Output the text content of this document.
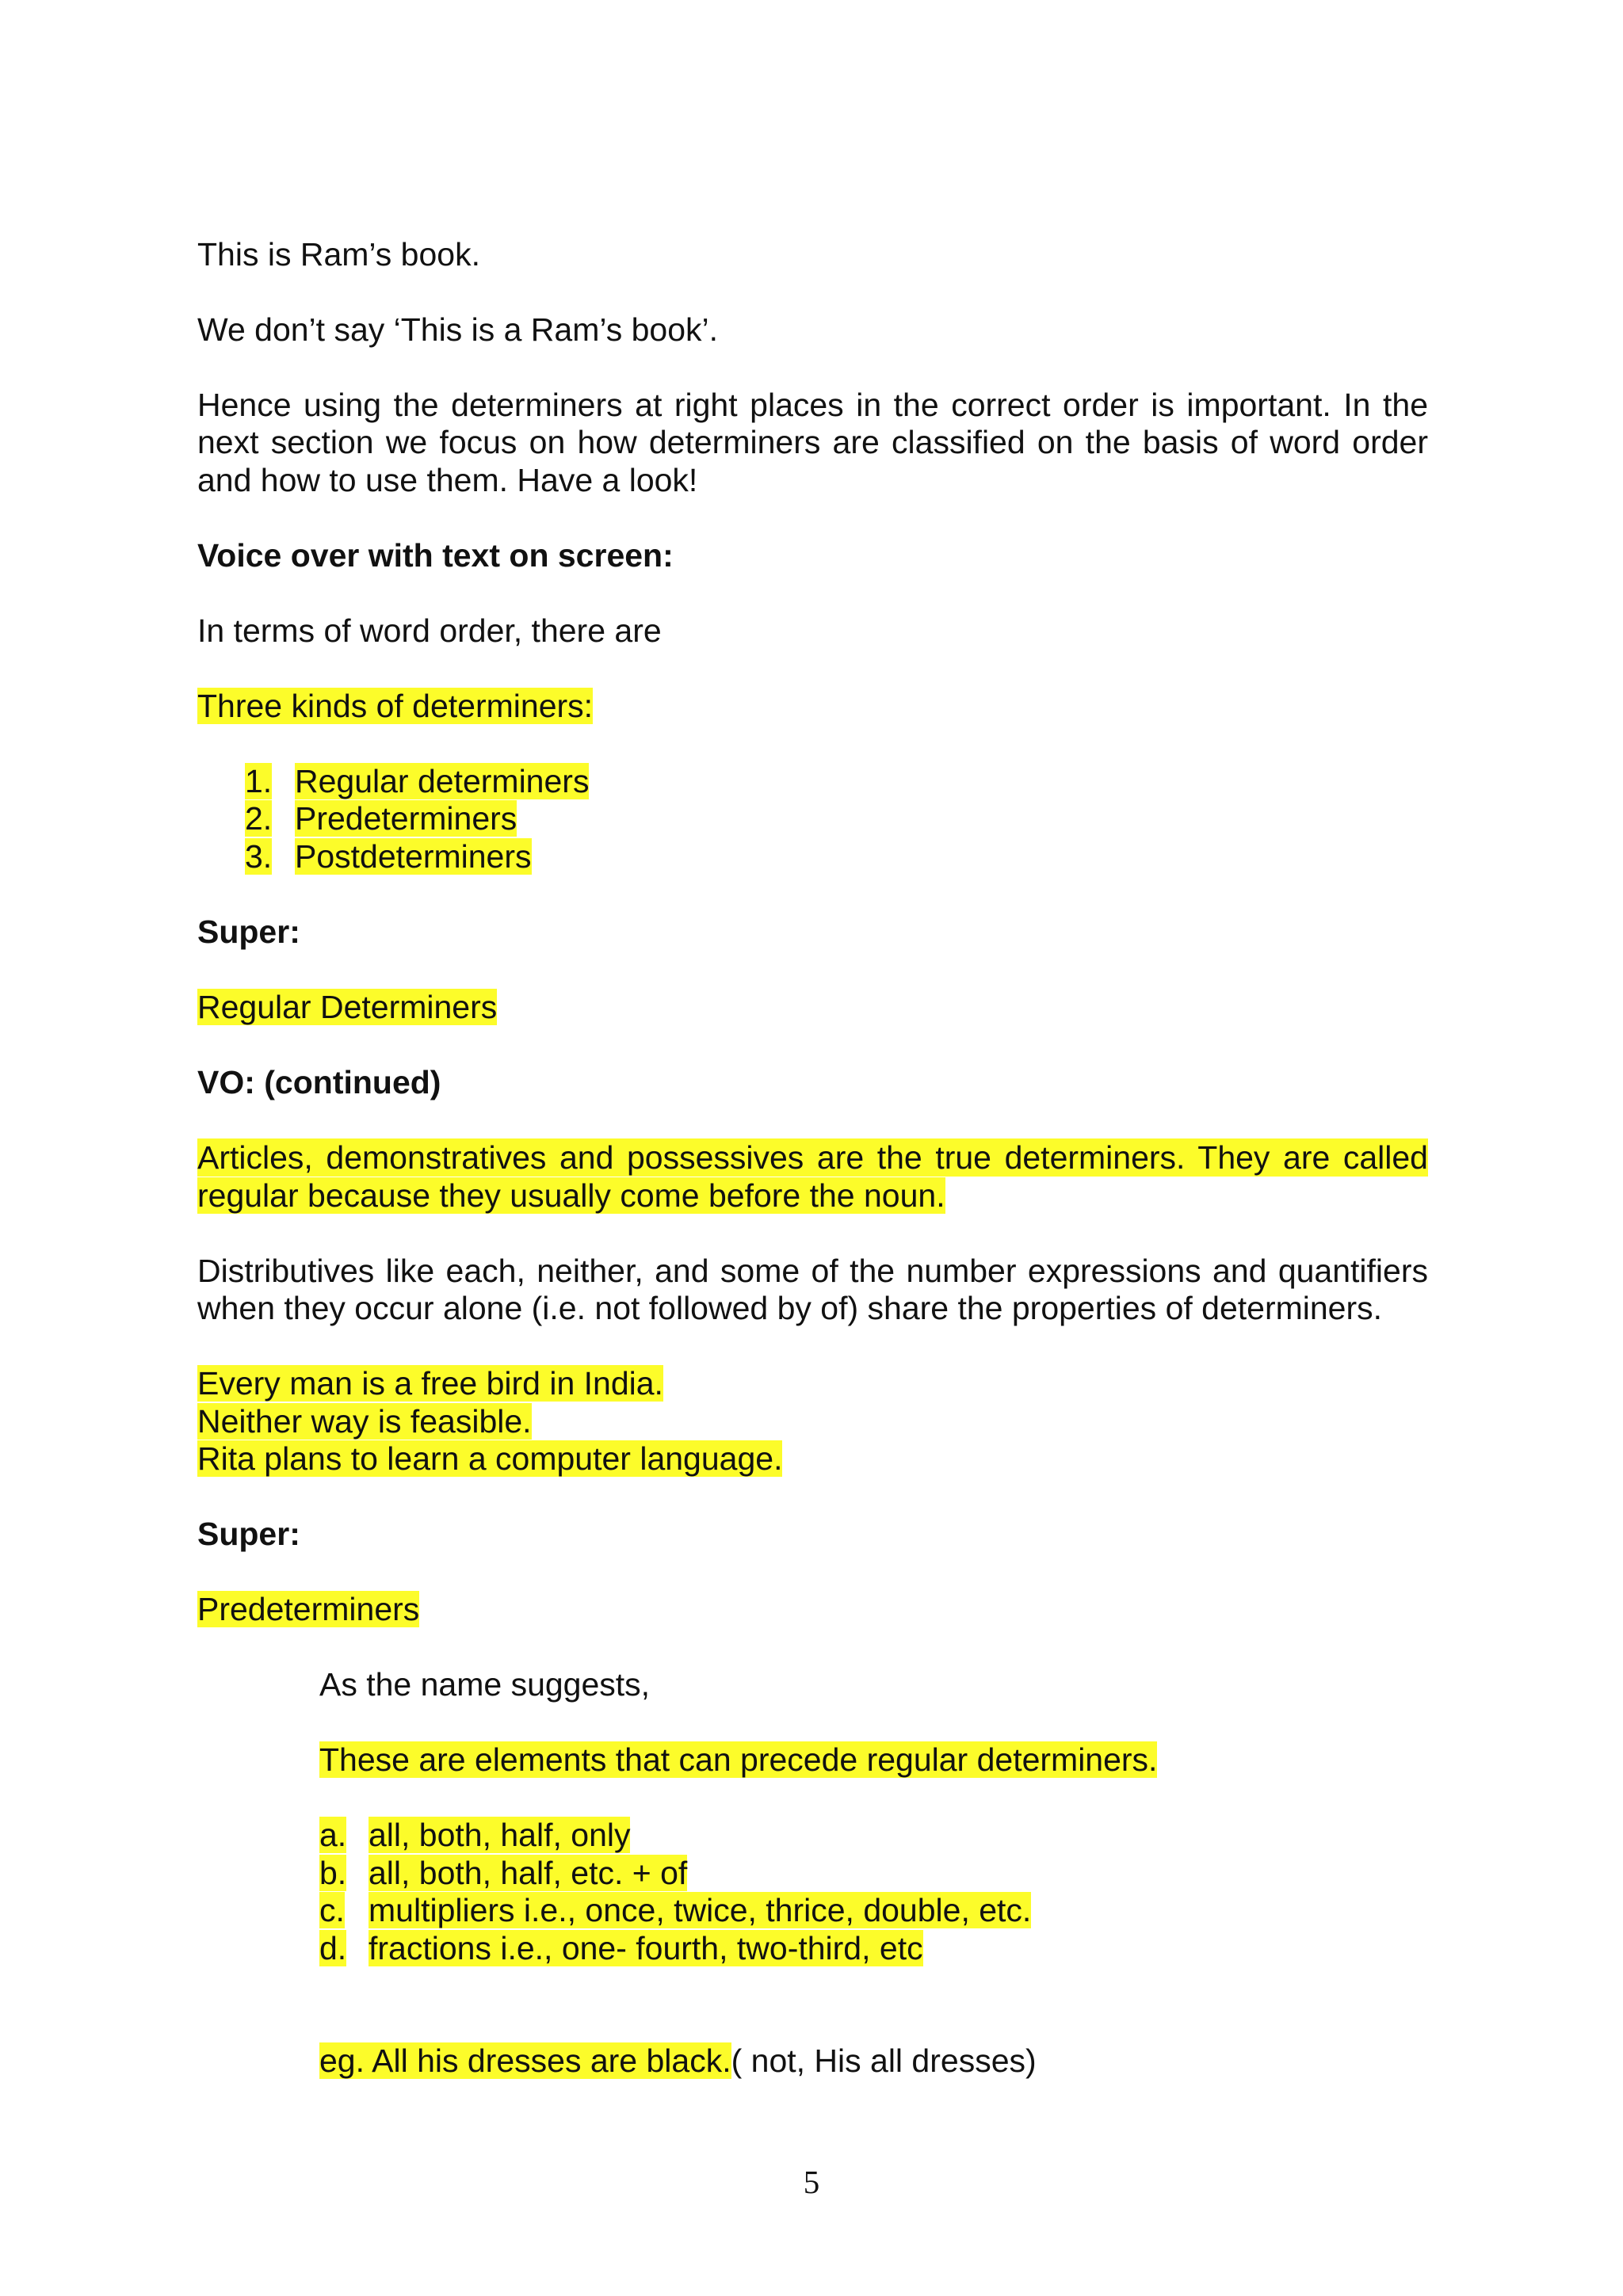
This is Ram’s book.
We don’t say ‘This is a Ram’s book’.
Hence using the determiners at right places in the correct order is important. In the
next section we focus on how determiners are classified on the basis of word order
and how to use them. Have a look!
Voice over with text on screen:
In terms of word order, there are
Three kinds of determiners:
1. Regular determiners
2. Predeterminers
3. Postdeterminers
Super:
Regular Determiners
VO: (continued)
Articles, demonstratives and possessives are the true determiners. They are called
regular because they usually come before the noun.
Distributives like each, neither, and some of the number expressions and quantifiers
when they occur alone (i.e. not followed by of) share the properties of determiners.
Every man is a free bird in India.
Neither way is feasible.
Rita plans to learn a computer language.
Super:
Predeterminers
As the name suggests,
These are elements that can precede regular determiners.
a. all, both, half, only
b. all, both, half, etc. + of
c. multipliers i.e., once, twice, thrice, double, etc.
d. fractions i.e., one- fourth, two-third, etc
eg. All his dresses are black.( not, His all dresses)
5
